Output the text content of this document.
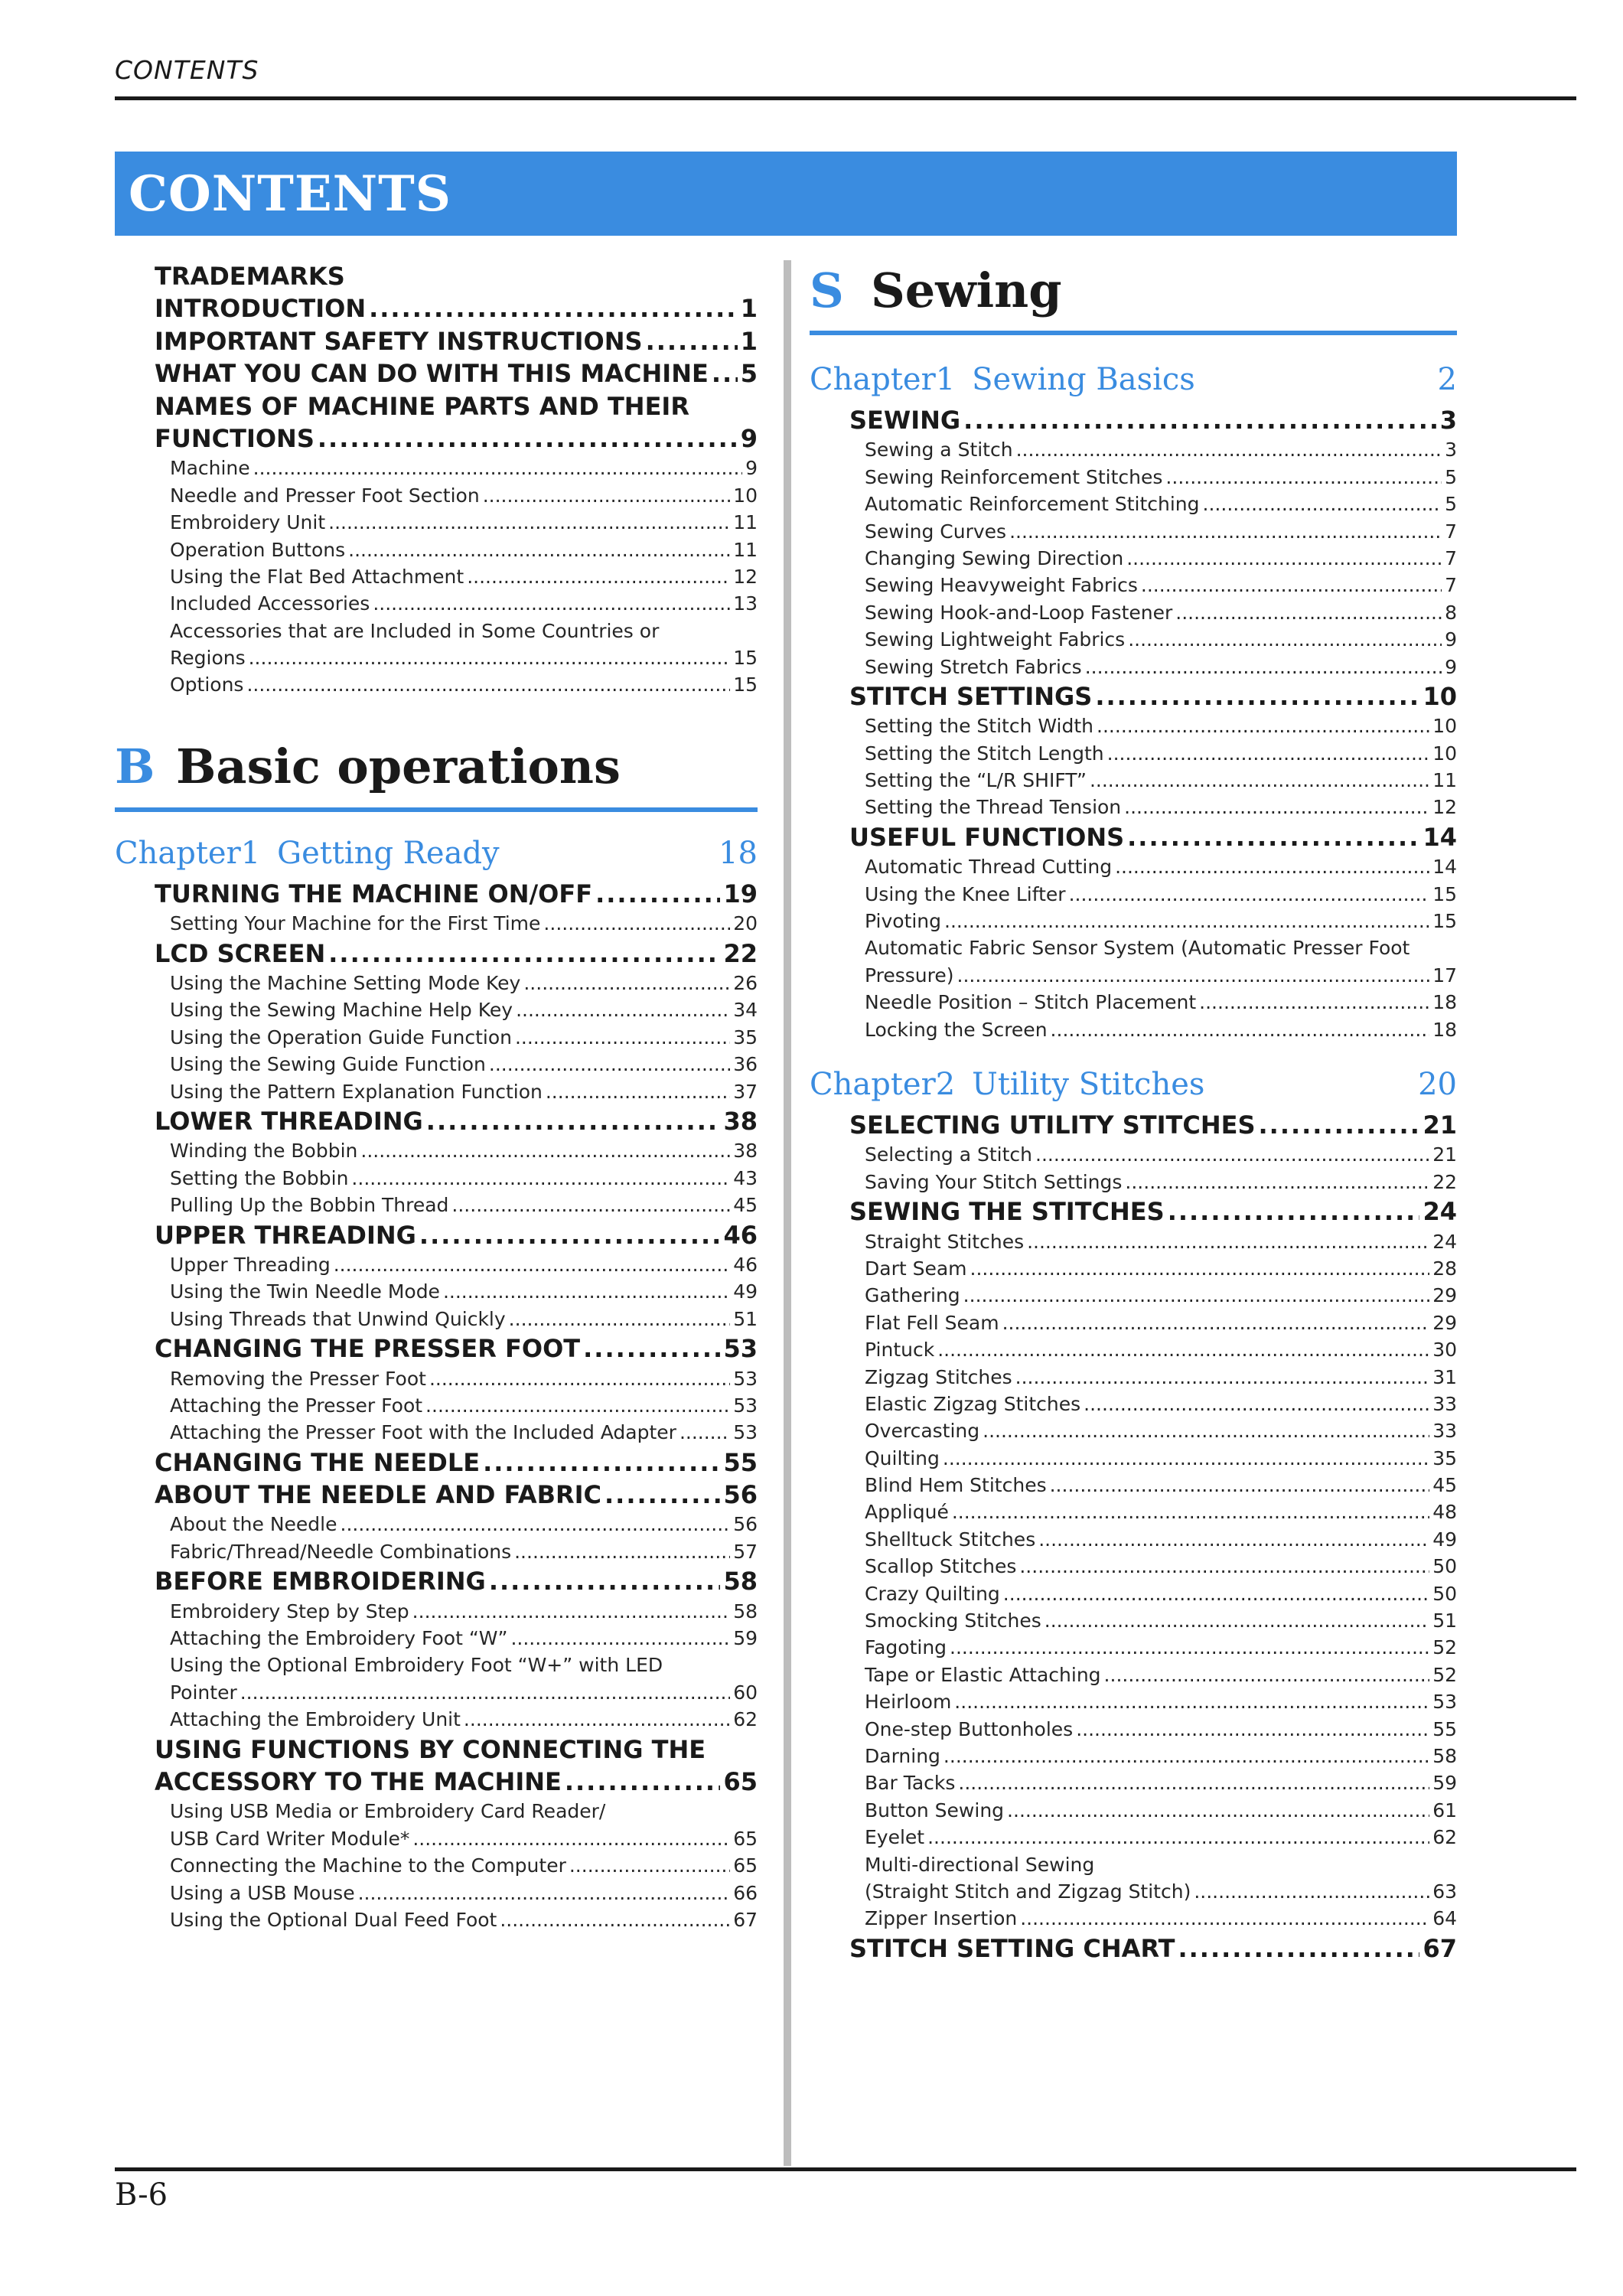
CONTENTS
CONTENTS
TRADEMARKS
INTRODUCTION .....	1
IMPORTANT SAFETY INSTRUCTIONS .....	1
WHAT YOU CAN DO WITH THIS MACHINE ..... 5
NAMES OF MACHINE PARTS AND THEIR
FUNCTIONS .....	9
Machine .....	9
Needle and Presser Foot Section .....	10
Embroidery Unit .....	11
Operation Buttons .....	11
Using the Flat Bed Attachment .....	12
Included Accessories .....	13
Accessories that are Included in Some Countries or
Regions .....	15
Options .....	15
B Basic operations
Chapter1 Getting Ready	18
TURNING THE MACHINE ON/OFF .....	19
Setting Your Machine for the First Time .....	20
LCD SCREEN .....	22
Using the Machine Setting Mode Key .....	26
Using the Sewing Machine Help Key .....	34
Using the Operation Guide Function .....	35
Using the Sewing Guide Function .....	36
Using the Pattern Explanation Function .....	37
LOWER THREADING .....	38
Winding the Bobbin .....	38
Setting the Bobbin .....	43
Pulling Up the Bobbin Thread .....	45
UPPER THREADING .....	46
Upper Threading .....	46
Using the Twin Needle Mode .....	49
Using Threads that Unwind Quickly .....	51
CHANGING THE PRESSER FOOT .....	53
Removing the Presser Foot .....	53
Attaching the Presser Foot .....	53
Attaching the Presser Foot with the Included Adapter .....	53
CHANGING THE NEEDLE .....	55
ABOUT THE NEEDLE AND FABRIC .....	56
About the Needle .....	56
Fabric/Thread/Needle Combinations .....	57
BEFORE EMBROIDERING .....	58
Embroidery Step by Step .....	58
Attaching the Embroidery Foot “W” .....	59
Using the Optional Embroidery Foot “W+” with LED
Pointer .....	60
Attaching the Embroidery Unit .....	62
USING FUNCTIONS BY CONNECTING THE
ACCESSORY TO THE MACHINE .....	65
Using USB Media or Embroidery Card Reader/
USB Card Writer Module* .....	65
Connecting the Machine to the Computer .....	65
Using a USB Mouse .....	66
Using the Optional Dual Feed Foot .....	67
S Sewing
Chapter1 Sewing Basics	2
SEWING .....	3
Sewing a Stitch .....	3
Sewing Reinforcement Stitches .....	5
Automatic Reinforcement Stitching .....	5
Sewing Curves .....	7
Changing Sewing Direction .....	7
Sewing Heavyweight Fabrics .....	7
Sewing Hook-and-Loop Fastener .....	8
Sewing Lightweight Fabrics .....	9
Sewing Stretch Fabrics .....	9
STITCH SETTINGS .....	10
Setting the Stitch Width .....	10
Setting the Stitch Length .....	10
Setting the “L/R SHIFT” .....	11
Setting the Thread Tension .....	12
USEFUL FUNCTIONS .....	14
Automatic Thread Cutting .....	14
Using the Knee Lifter .....	15
Pivoting .....	15
Automatic Fabric Sensor System (Automatic Presser Foot
Pressure) .....	17
Needle Position – Stitch Placement .....	18
Locking the Screen .....	18
Chapter2 Utility Stitches	20
SELECTING UTILITY STITCHES .....	21
Selecting a Stitch .....	21
Saving Your Stitch Settings .....	22
SEWING THE STITCHES .....	24
Straight Stitches .....	24
Dart Seam .....	28
Gathering .....	29
Flat Fell Seam .....	29
Pintuck .....	30
Zigzag Stitches .....	31
Elastic Zigzag Stitches .....	33
Overcasting .....	33
Quilting .....	35
Blind Hem Stitches .....	45
Appliqué .....	48
Shelltuck Stitches .....	49
Scallop Stitches .....	50
Crazy Quilting .....	50
Smocking Stitches .....	51
Fagoting .....	52
Tape or Elastic Attaching .....	52
Heirloom .....	53
One-step Buttonholes .....	55
Darning .....	58
Bar Tacks .....	59
Button Sewing .....	61
Eyelet .....	62
Multi-directional Sewing
(Straight Stitch and Zigzag Stitch) .....	63
Zipper Insertion .....	64
STITCH SETTING CHART .....	67
B-6
